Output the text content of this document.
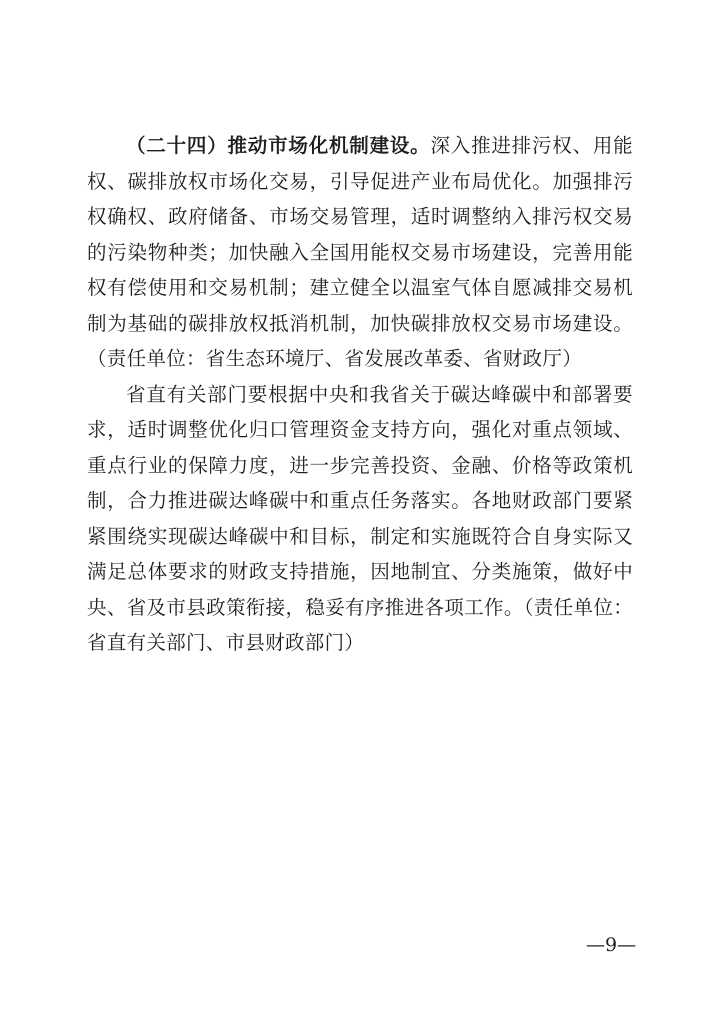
（二十四）推动市场化机制建设。深入推进排污权、用能权、碳排放权市场化交易，引导促进产业布局优化。加强排污权确权、政府储备、市场交易管理，适时调整纳入排污权交易的污染物种类；加快融入全国用能权交易市场建设，完善用能权有偿使用和交易机制；建立健全以温室气体自愿减排交易机制为基础的碳排放权抵消机制，加快碳排放权交易市场建设。（责任单位：省生态环境厅、省发展改革委、省财政厅）

省直有关部门要根据中央和我省关于碳达峰碳中和部署要求，适时调整优化归口管理资金支持方向，强化对重点领域、重点行业的保障力度，进一步完善投资、金融、价格等政策机制，合力推进碳达峰碳中和重点任务落实。各地财政部门要紧紧围绕实现碳达峰碳中和目标，制定和实施既符合自身实际又满足总体要求的财政支持措施，因地制宜、分类施策，做好中央、省及市县政策衔接，稳妥有序推进各项工作。（责任单位：省直有关部门、市县财政部门）

—9—
